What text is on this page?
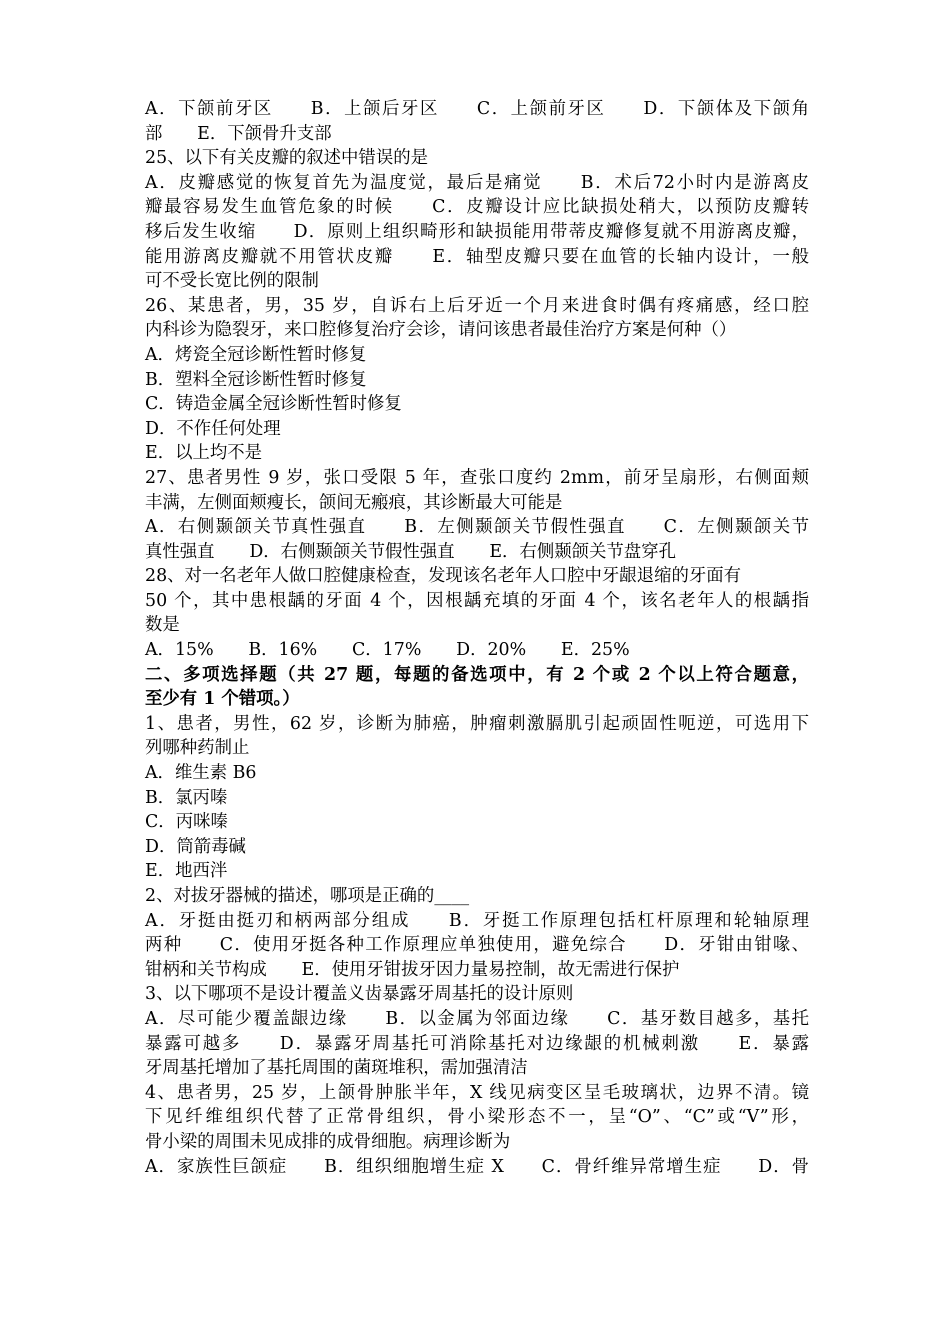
A．下颌前牙区　　B．上颌后牙区　　C．上颌前牙区　　D．下颌体及下颌角
部　　E．下颌骨升支部
25、以下有关皮瓣的叙述中错误的是
A．皮瓣感觉的恢复首先为温度觉，最后是痛觉　　B．术后72小时内是游离皮
瓣最容易发生血管危象的时候　　C．皮瓣设计应比缺损处稍大，以预防皮瓣转
移后发生收缩　　D．原则上组织畸形和缺损能用带蒂皮瓣修复就不用游离皮瓣，
能用游离皮瓣就不用管状皮瓣　　E．轴型皮瓣只要在血管的长轴内设计，一般
可不受长宽比例的限制
26、某患者，男，35 岁，自诉右上后牙近一个月来进食时偶有疼痛感，经口腔
内科诊为隐裂牙，来口腔修复治疗会诊，请问该患者最佳治疗方案是何种（）
A．烤瓷全冠诊断性暂时修复
B．塑料全冠诊断性暂时修复
C．铸造金属全冠诊断性暂时修复
D．不作任何处理
E．以上均不是
27、患者男性 9 岁，张口受限 5 年，查张口度约 2mm，前牙呈扇形，右侧面颊
丰满，左侧面颊瘦长，颌间无瘢痕，其诊断最大可能是
A．右侧颞颌关节真性强直　　B．左侧颞颌关节假性强直　　C．左侧颞颌关节
真性强直　　D．右侧颞颌关节假性强直　　E．右侧颞颌关节盘穿孔
28、对一名老年人做口腔健康检查，发现该名老年人口腔中牙龈退缩的牙面有
50 个，其中患根龋的牙面 4 个，因根龋充填的牙面 4 个，该名老年人的根龋指
数是
A．15%　　B．16%　　C．17%　　D．20%　　E．25%
二、多项选择题（共 27 题，每题的备选项中，有 2 个或 2 个以上符合题意，
至少有 1 个错项。）
1、患者，男性，62 岁，诊断为肺癌，肿瘤刺激膈肌引起顽固性呃逆，可选用下
列哪种药制止
A．维生素 B6
B．氯丙嗪
C．丙咪嗪
D．筒箭毒碱
E．地西泮
2、对拔牙器械的描述，哪项是正确的____
A．牙挺由挺刃和柄两部分组成　　B．牙挺工作原理包括杠杆原理和轮轴原理
两种　　C．使用牙挺各种工作原理应单独使用，避免综合　　D．牙钳由钳喙、
钳柄和关节构成　　E．使用牙钳拔牙因力量易控制，故无需进行保护
3、以下哪项不是设计覆盖义齿暴露牙周基托的设计原则
A．尽可能少覆盖龈边缘　　B．以金属为邻面边缘　　C．基牙数目越多，基托
暴露可越多　　D．暴露牙周基托可消除基托对边缘龈的机械刺激　　E．暴露
牙周基托增加了基托周围的菌斑堆积，需加强清洁
4、患者男，25 岁，上颌骨肿胀半年，X 线见病变区呈毛玻璃状，边界不清。镜
下见纤维组织代替了正常骨组织，骨小梁形态不一，呈“O”、“C”或“V”形，
骨小梁的周围未见成排的成骨细胞。病理诊断为
A．家族性巨颌症　　B．组织细胞增生症 X　　C．骨纤维异常增生症　　D．骨
